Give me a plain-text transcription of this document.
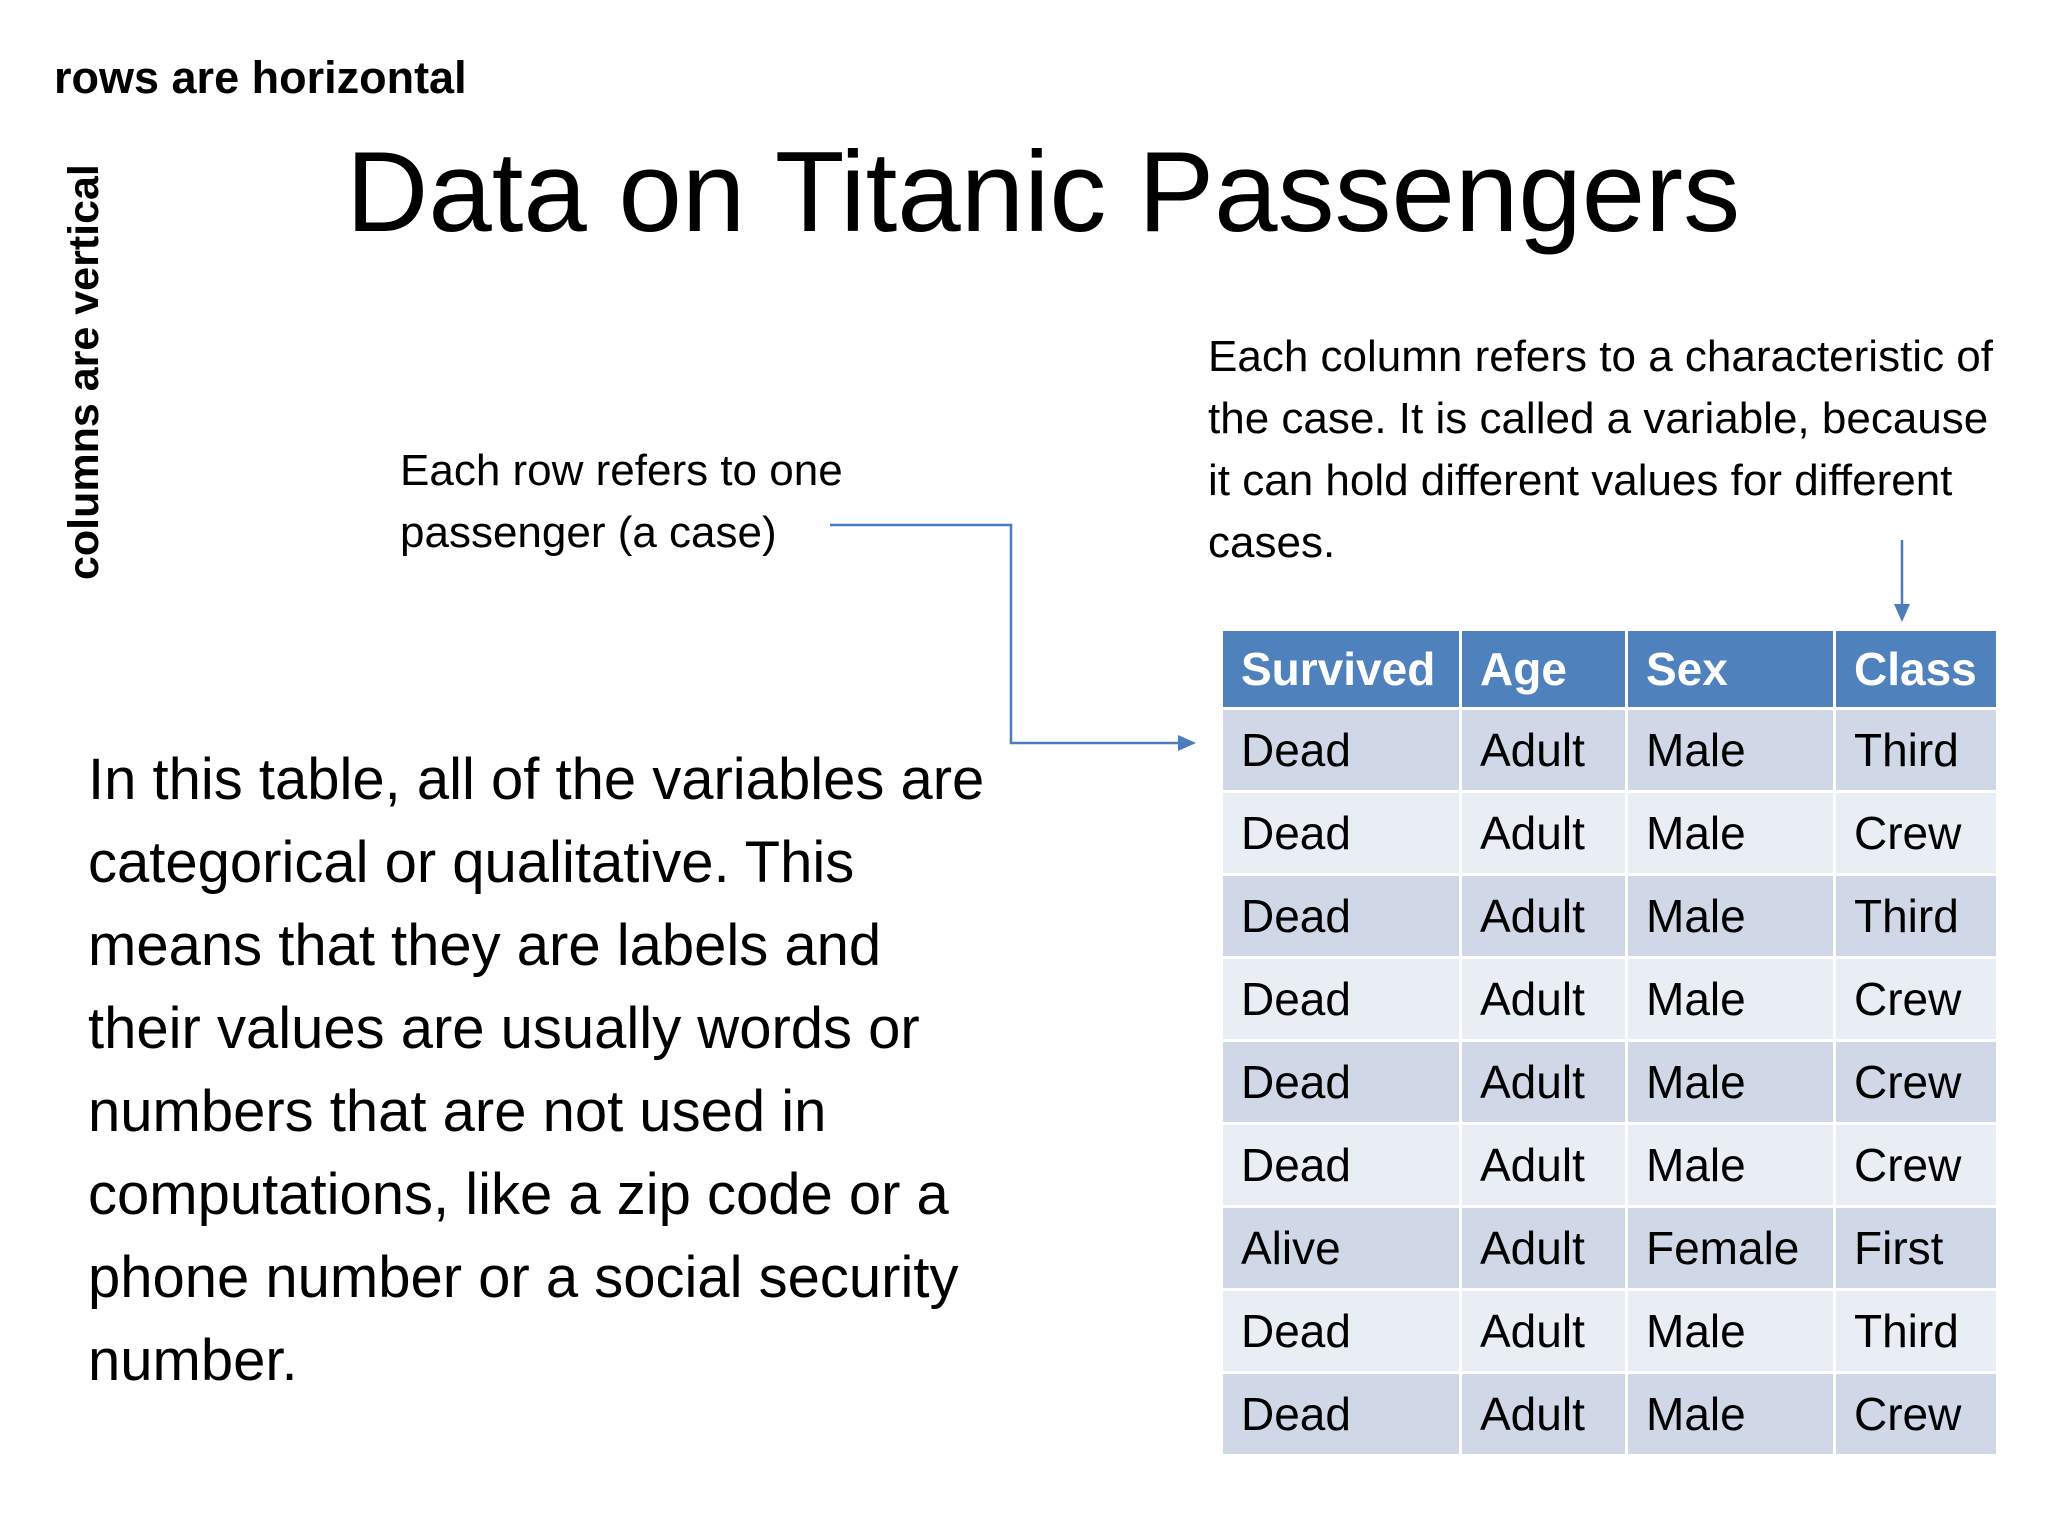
rows are horizontal
columns are vertical Data on Titanic Passengers
Each row refers to one passenger (a case)
Each column refers to a characteristic of the case. It is called a variable, because it can hold different values for different cases.
In this table, all of the variables are categorical or qualitative. This means that they are labels and their values are usually words or numbers that are not used in computations, like a zip code or a phone number or a social security number.
Survived	Age	Sex	Class
Dead	Adult	Male	Third
Dead	Adult	Male	Crew
Dead	Adult	Male	Third
Dead	Adult	Male	Crew
Dead	Adult	Male	Crew
Dead	Adult	Male	Crew
Alive	Adult	Female	First
Dead	Adult	Male	Third
Dead	Adult	Male	Crew
